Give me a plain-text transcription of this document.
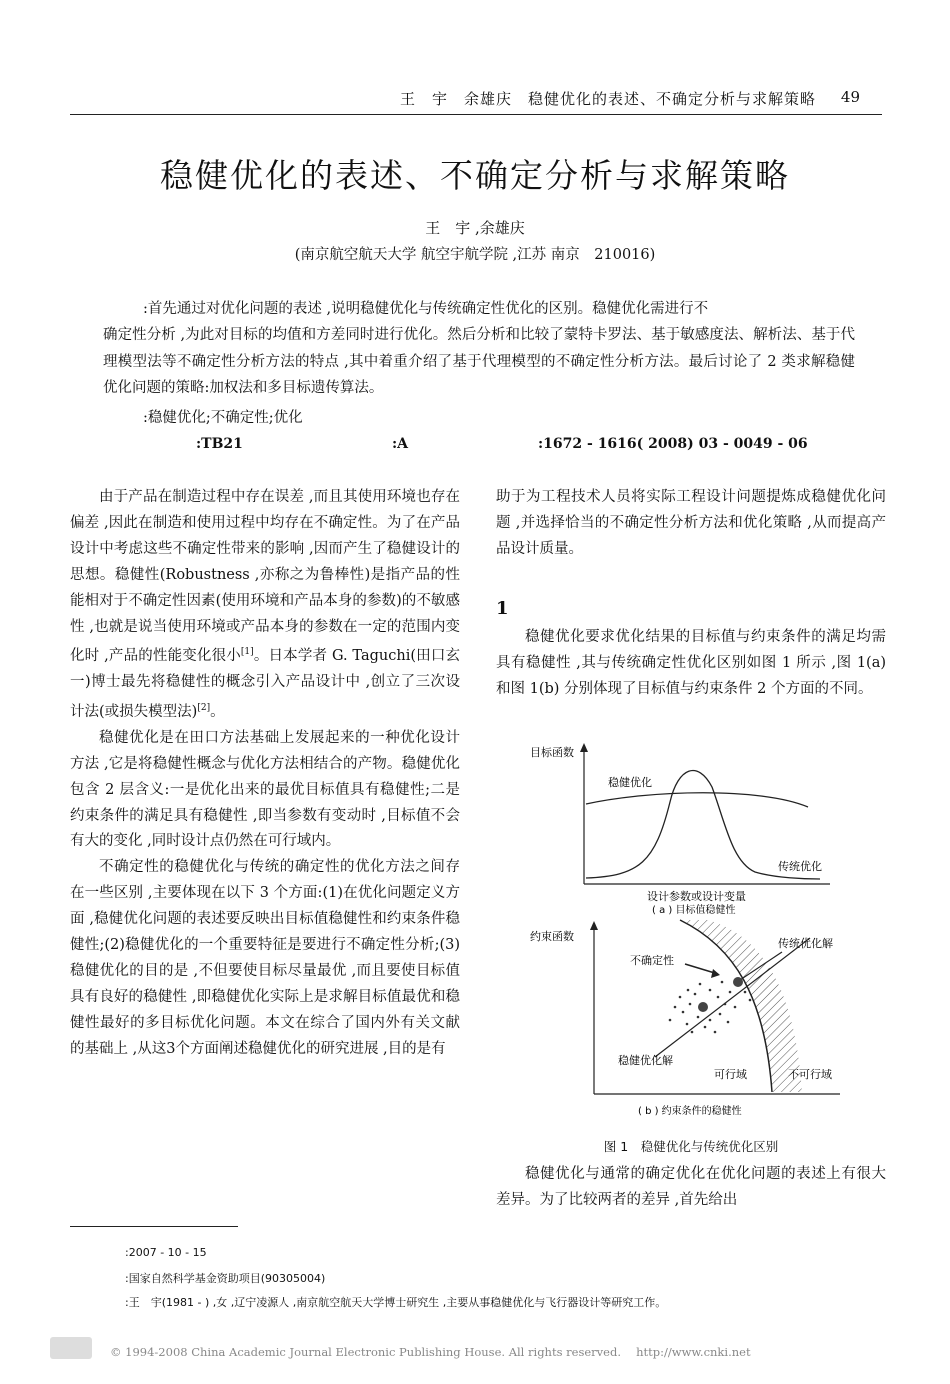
王　宇　余雄庆　稳健优化的表述、不确定分析与求解策略 49
稳健优化的表述、不确定分析与求解策略
王　宇 ,余雄庆
(南京航空航天大学 航空宇航学院 ,江苏 南京　210016)
:首先通过对优化问题的表述 ,说明稳健优化与传统确定性优化的区别。稳健优化需进行不
确定性分析 ,为此对目标的均值和方差同时进行优化。然后分析和比较了蒙特卡罗法、基于敏感度法、解析法、基于代理模型法等不确定性分析方法的特点 ,其中着重介绍了基于代理模型的不确定性分析方法。最后讨论了 2 类求解稳健优化问题的策略:加权法和多目标遗传算法。
:稳健优化;不确定性;优化
:TB21	:A	:1672 - 1616( 2008) 03 - 0049 - 06

由于产品在制造过程中存在误差 ,而且其使用环境也存在偏差 ,因此在制造和使用过程中均存在不确定性。为了在产品设计中考虑这些不确定性带来的影响 ,因而产生了稳健设计的思想。稳健性(Robustness ,亦称之为鲁棒性)是指产品的性能相对于不确定性因素(使用环境和产品本身的参数)的不敏感性 ,也就是说当使用环境或产品本身的参数在一定的范围内变化时 ,产品的性能变化很小[1]。日本学者 G. Taguchi(田口玄一)博士最先将稳健性的概念引入产品设计中 ,创立了三次设计法(或损失模型法)[2]。

稳健优化是在田口方法基础上发展起来的一种优化设计方法 ,它是将稳健性概念与优化方法相结合的产物。稳健优化包含 2 层含义:一是优化出来的最优目标值具有稳健性;二是约束条件的满足具有稳健性 ,即当参数有变动时 ,目标值不会有大的变化 ,同时设计点仍然在可行域内。

不确定性的稳健优化与传统的确定性的优化方法之间存在一些区别 ,主要体现在以下 3 个方面:(1)在优化问题定义方面 ,稳健优化问题的表述要反映出目标值稳健性和约束条件稳健性;(2)稳健优化的一个重要特征是要进行不确定性分析;(3)稳健优化的目的是 ,不但要使目标尽量最优 ,而且要使目标值具有良好的稳健性 ,即稳健优化实际上是求解目标值最优和稳健性最好的多目标优化问题。本文在综合了国内外有关文献的基础上 ,从这3个方面阐述稳健优化的研究进展 ,目的是有

助于为工程技术人员将实际工程设计问题提炼成稳健优化问题 ,并选择恰当的不确定性分析方法和优化策略 ,从而提高产品设计质量。
1
稳健优化要求优化结果的目标值与约束条件的满足均需具有稳健性 ,其与传统确定性优化区别如图 1 所示 ,图 1(a) 和图 1(b) 分别体现了目标值与约束条件 2 个方面的不同。
目标函数
稳健优化
传统优化
设计参数或设计变量
( a ) 目标值稳健性
约束函数
传统优化解
不确定性
稳健优化解
可行域	不可行域
( b ) 约束条件的稳健性
图 1　稳健优化与传统优化区别
稳健优化与通常的确定优化在优化问题的表述上有很大差异。为了比较两者的差异 ,首先给出
:2007 - 10 - 15
:国家自然科学基金资助项目(90305004)
:王　宇(1981 - ) ,女 ,辽宁凌源人 ,南京航空航天大学博士研究生 ,主要从事稳健优化与飞行器设计等研究工作。
© 1994-2008 China Academic Journal Electronic Publishing House. All rights reserved.　 http://www.cnki.net
